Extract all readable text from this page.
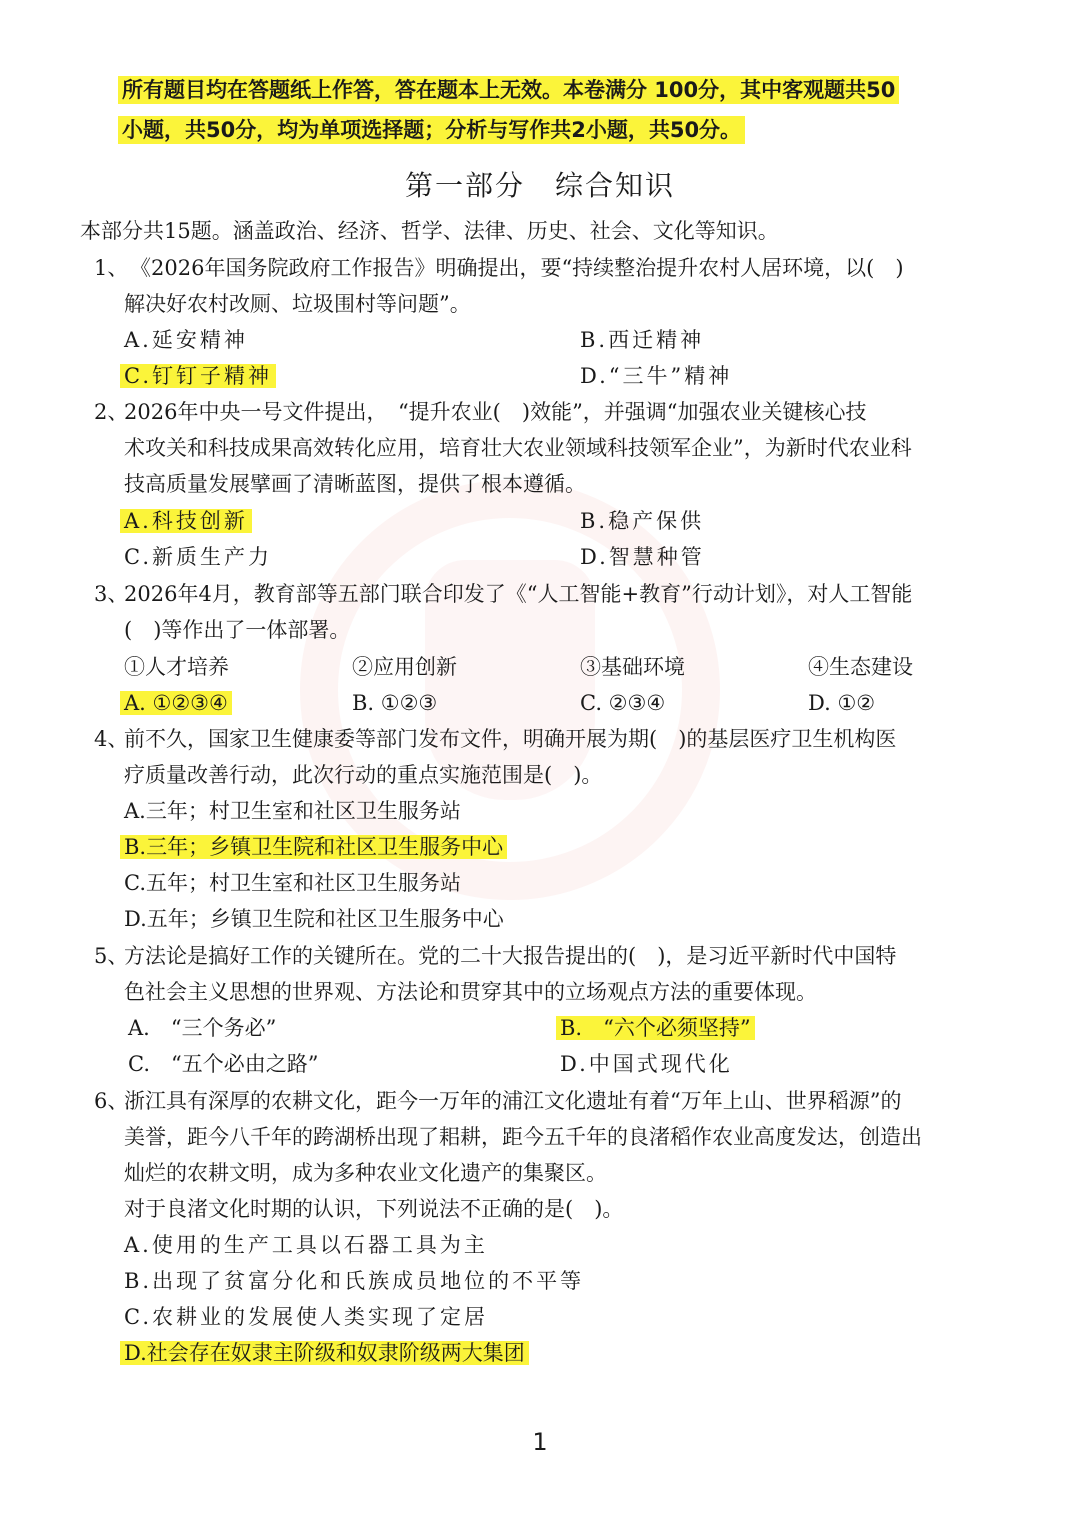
所有题目均在答题纸上作答，答在题本上无效。本卷满分 100分，其中客观题共50
小题，共50分，均为单项选择题；分析与写作共2小题，共50分。
第一部分　综合知识
本部分共15题。涵盖政治、经济、哲学、法律、历史、社会、文化等知识。
1、 《2026年国务院政府工作报告》明确提出，要“持续整治提升农村人居环境，以(　)
解决好农村改厕、垃圾围村等问题”。
A.延安精神	B.西迁精神
C.钉钉子精神	D.“三牛”精神
2、
2026年中央一号文件提出，　“提升农业(　)效能”，并强调“加强农业关键核心技
术攻关和科技成果高效转化应用，培育壮大农业领域科技领军企业”，为新时代农业科
技高质量发展擘画了清晰蓝图，提供了根本遵循。
A.科技创新	B.稳产保供
C.新质生产力	D.智慧种管
3、
2026年4月，教育部等五部门联合印发了《“人工智能+教育”行动计划》，对人工智能
(　)等作出了一体部署。
①人才培养	②应用创新	③基础环境	④生态建设
A. ①②③④	B. ①②③	C. ②③④	D. ①②
4、
前不久，国家卫生健康委等部门发布文件，明确开展为期(　)的基层医疗卫生机构医
疗质量改善行动，此次行动的重点实施范围是(　)。
A.三年；村卫生室和社区卫生服务站
B.三年；乡镇卫生院和社区卫生服务中心
C.五年；村卫生室和社区卫生服务站
D.五年；乡镇卫生院和社区卫生服务中心
5、
方法论是搞好工作的关键所在。党的二十大报告提出的(　)，是习近平新时代中国特
色社会主义思想的世界观、方法论和贯穿其中的立场观点方法的重要体现。
A.　“三个务必”	B.　“六个必须坚持”
C.　“五个必由之路”	D.中国式现代化
6、
浙江具有深厚的农耕文化，距今一万年的浦江文化遗址有着“万年上山、世界稻源”的
美誉，距今八千年的跨湖桥出现了耜耕，距今五千年的良渚稻作农业高度发达，创造出
灿烂的农耕文明，成为多种农业文化遗产的集聚区。
对于良渚文化时期的认识，下列说法不正确的是(　)。
A.使用的生产工具以石器工具为主
B.出现了贫富分化和氏族成员地位的不平等
C.农耕业的发展使人类实现了定居
D.社会存在奴隶主阶级和奴隶阶级两大集团
1
